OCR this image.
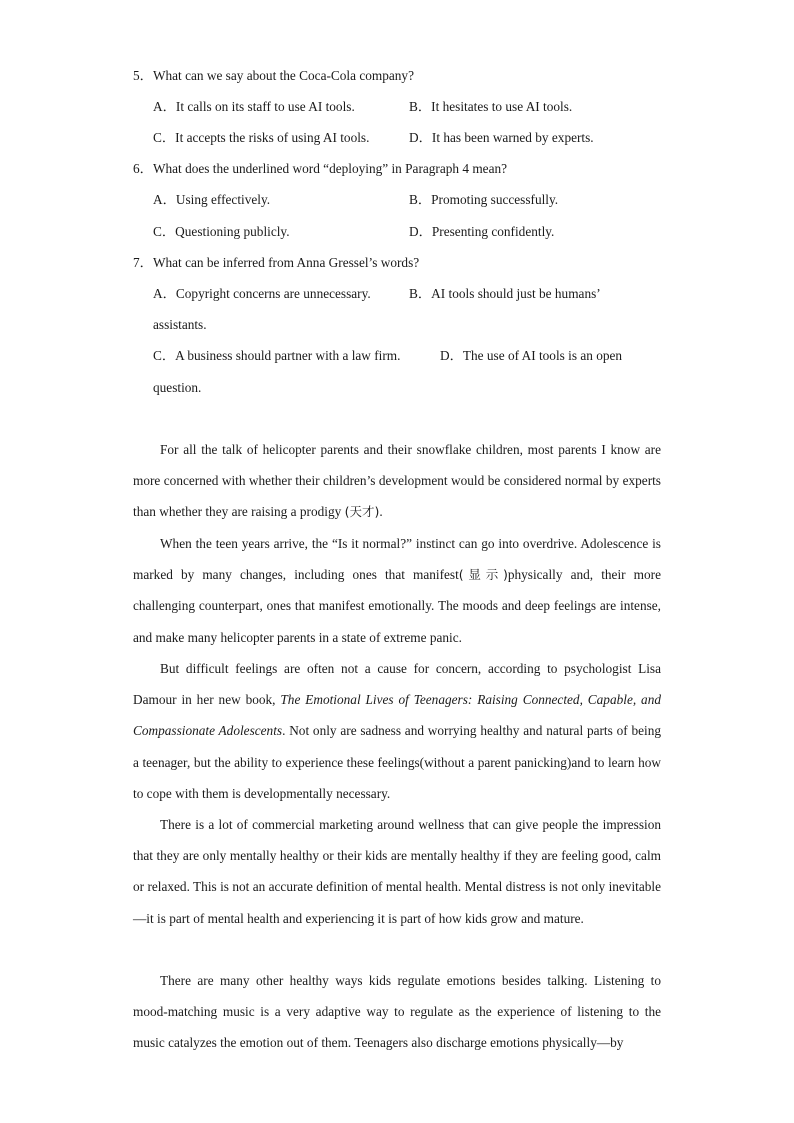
5．What can we say about the Coca-Cola company?
A．It calls on its staff to use AI tools.	B．It hesitates to use AI tools.
C．It accepts the risks of using AI tools.	D．It has been warned by experts.
6．What does the underlined word “deploying” in Paragraph 4 mean?
A．Using effectively.	B．Promoting successfully.
C．Questioning publicly.	D．Presenting confidently.
7．What can be inferred from Anna Gressel’s words?
A．Copyright concerns are unnecessary.	B．AI tools should just be humans’
assistants.
C．A business should partner with a law firm.	D．The use of AI tools is an open
question.

For all the talk of helicopter parents and their snowflake children, most parents I know are more concerned with whether their children’s development would be considered normal by experts than whether they are raising a prodigy (天才).

When the teen years arrive, the “Is it normal?” instinct can go into overdrive. Adolescence is marked by many changes, including ones that manifest(显示)physically and, their more challenging counterpart, ones that manifest emotionally. The moods and deep feelings are intense, and make many helicopter parents in a state of extreme panic.

But difficult feelings are often not a cause for concern, according to psychologist Lisa Damour in her new book, The Emotional Lives of Teenagers: Raising Connected, Capable, and Compassionate Adolescents. Not only are sadness and worrying healthy and natural parts of being a teenager, but the ability to experience these feelings(without a parent panicking)and to learn how to cope with them is developmentally necessary.

There is a lot of commercial marketing around wellness that can give people the impression that they are only mentally healthy or their kids are mentally healthy if they are feeling good, calm or relaxed. This is not an accurate definition of mental health. Mental distress is not only inevitable—it is part of mental health and experiencing it is part of how kids grow and mature.

There are many other healthy ways kids regulate emotions besides talking. Listening to mood-matching music is a very adaptive way to regulate as the experience of listening to the music catalyzes the emotion out of them. Teenagers also discharge emotions physically—by
